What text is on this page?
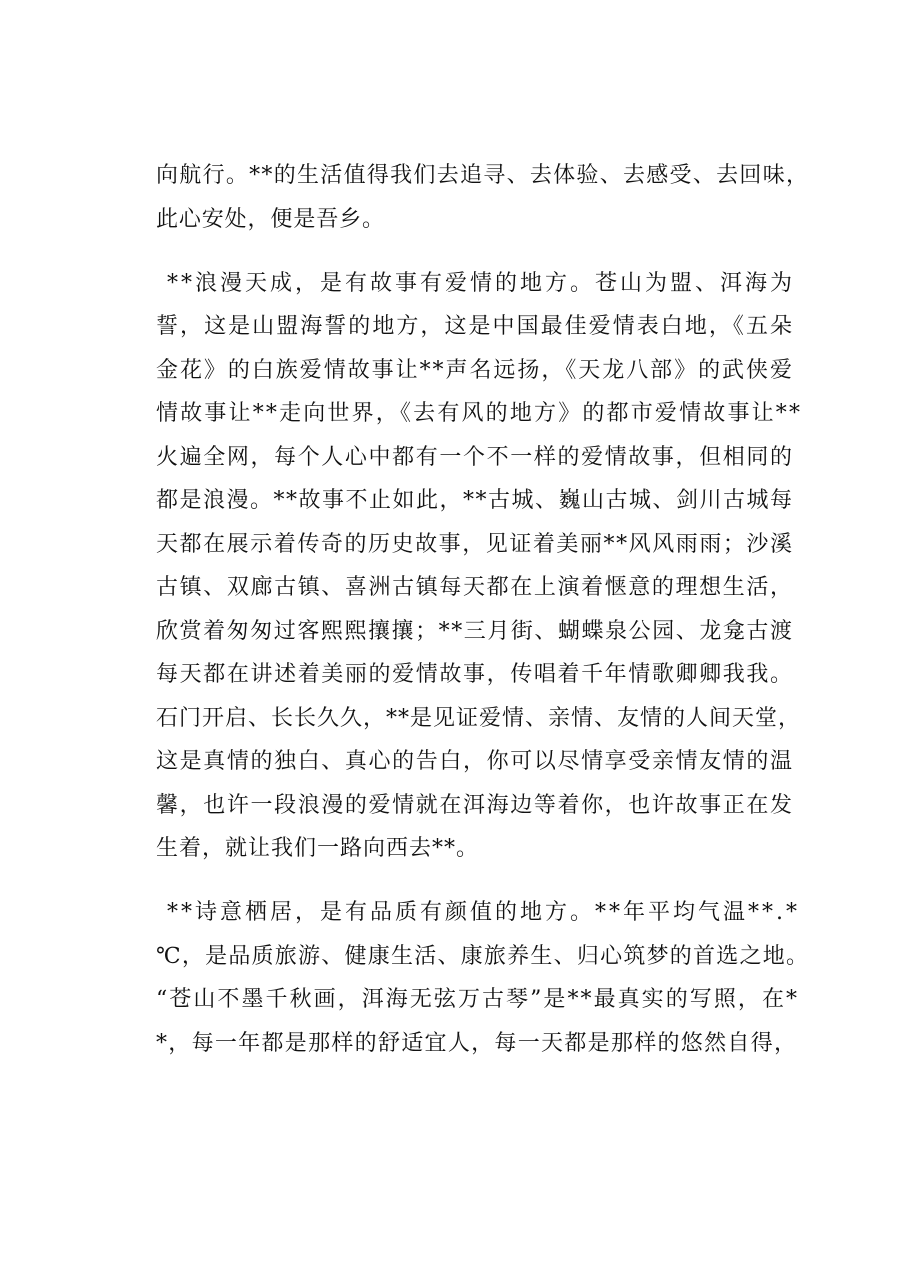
向航行。**的生活值得我们去追寻、去体验、去感受、去回味，
此心安处，便是吾乡。
**浪漫天成，是有故事有爱情的地方。苍山为盟、洱海为
誓，这是山盟海誓的地方，这是中国最佳爱情表白地，《五朵
金花》的白族爱情故事让**声名远扬，《天龙八部》的武侠爱
情故事让**走向世界，《去有风的地方》的都市爱情故事让**
火遍全网，每个人心中都有一个不一样的爱情故事，但相同的
都是浪漫。**故事不止如此，**古城、巍山古城、剑川古城每
天都在展示着传奇的历史故事，见证着美丽**风风雨雨；沙溪
古镇、双廊古镇、喜洲古镇每天都在上演着惬意的理想生活，
欣赏着匆匆过客熙熙攘攘；**三月街、蝴蝶泉公园、龙龛古渡
每天都在讲述着美丽的爱情故事，传唱着千年情歌卿卿我我。
石门开启、长长久久，**是见证爱情、亲情、友情的人间天堂，
这是真情的独白、真心的告白，你可以尽情享受亲情友情的温
馨，也许一段浪漫的爱情就在洱海边等着你，也许故事正在发
生着，就让我们一路向西去**。
**诗意栖居，是有品质有颜值的地方。**年平均气温**.*
℃，是品质旅游、健康生活、康旅养生、归心筑梦的首选之地。
“苍山不墨千秋画，洱海无弦万古琴”是**最真实的写照，在*
*，每一年都是那样的舒适宜人，每一天都是那样的悠然自得，
